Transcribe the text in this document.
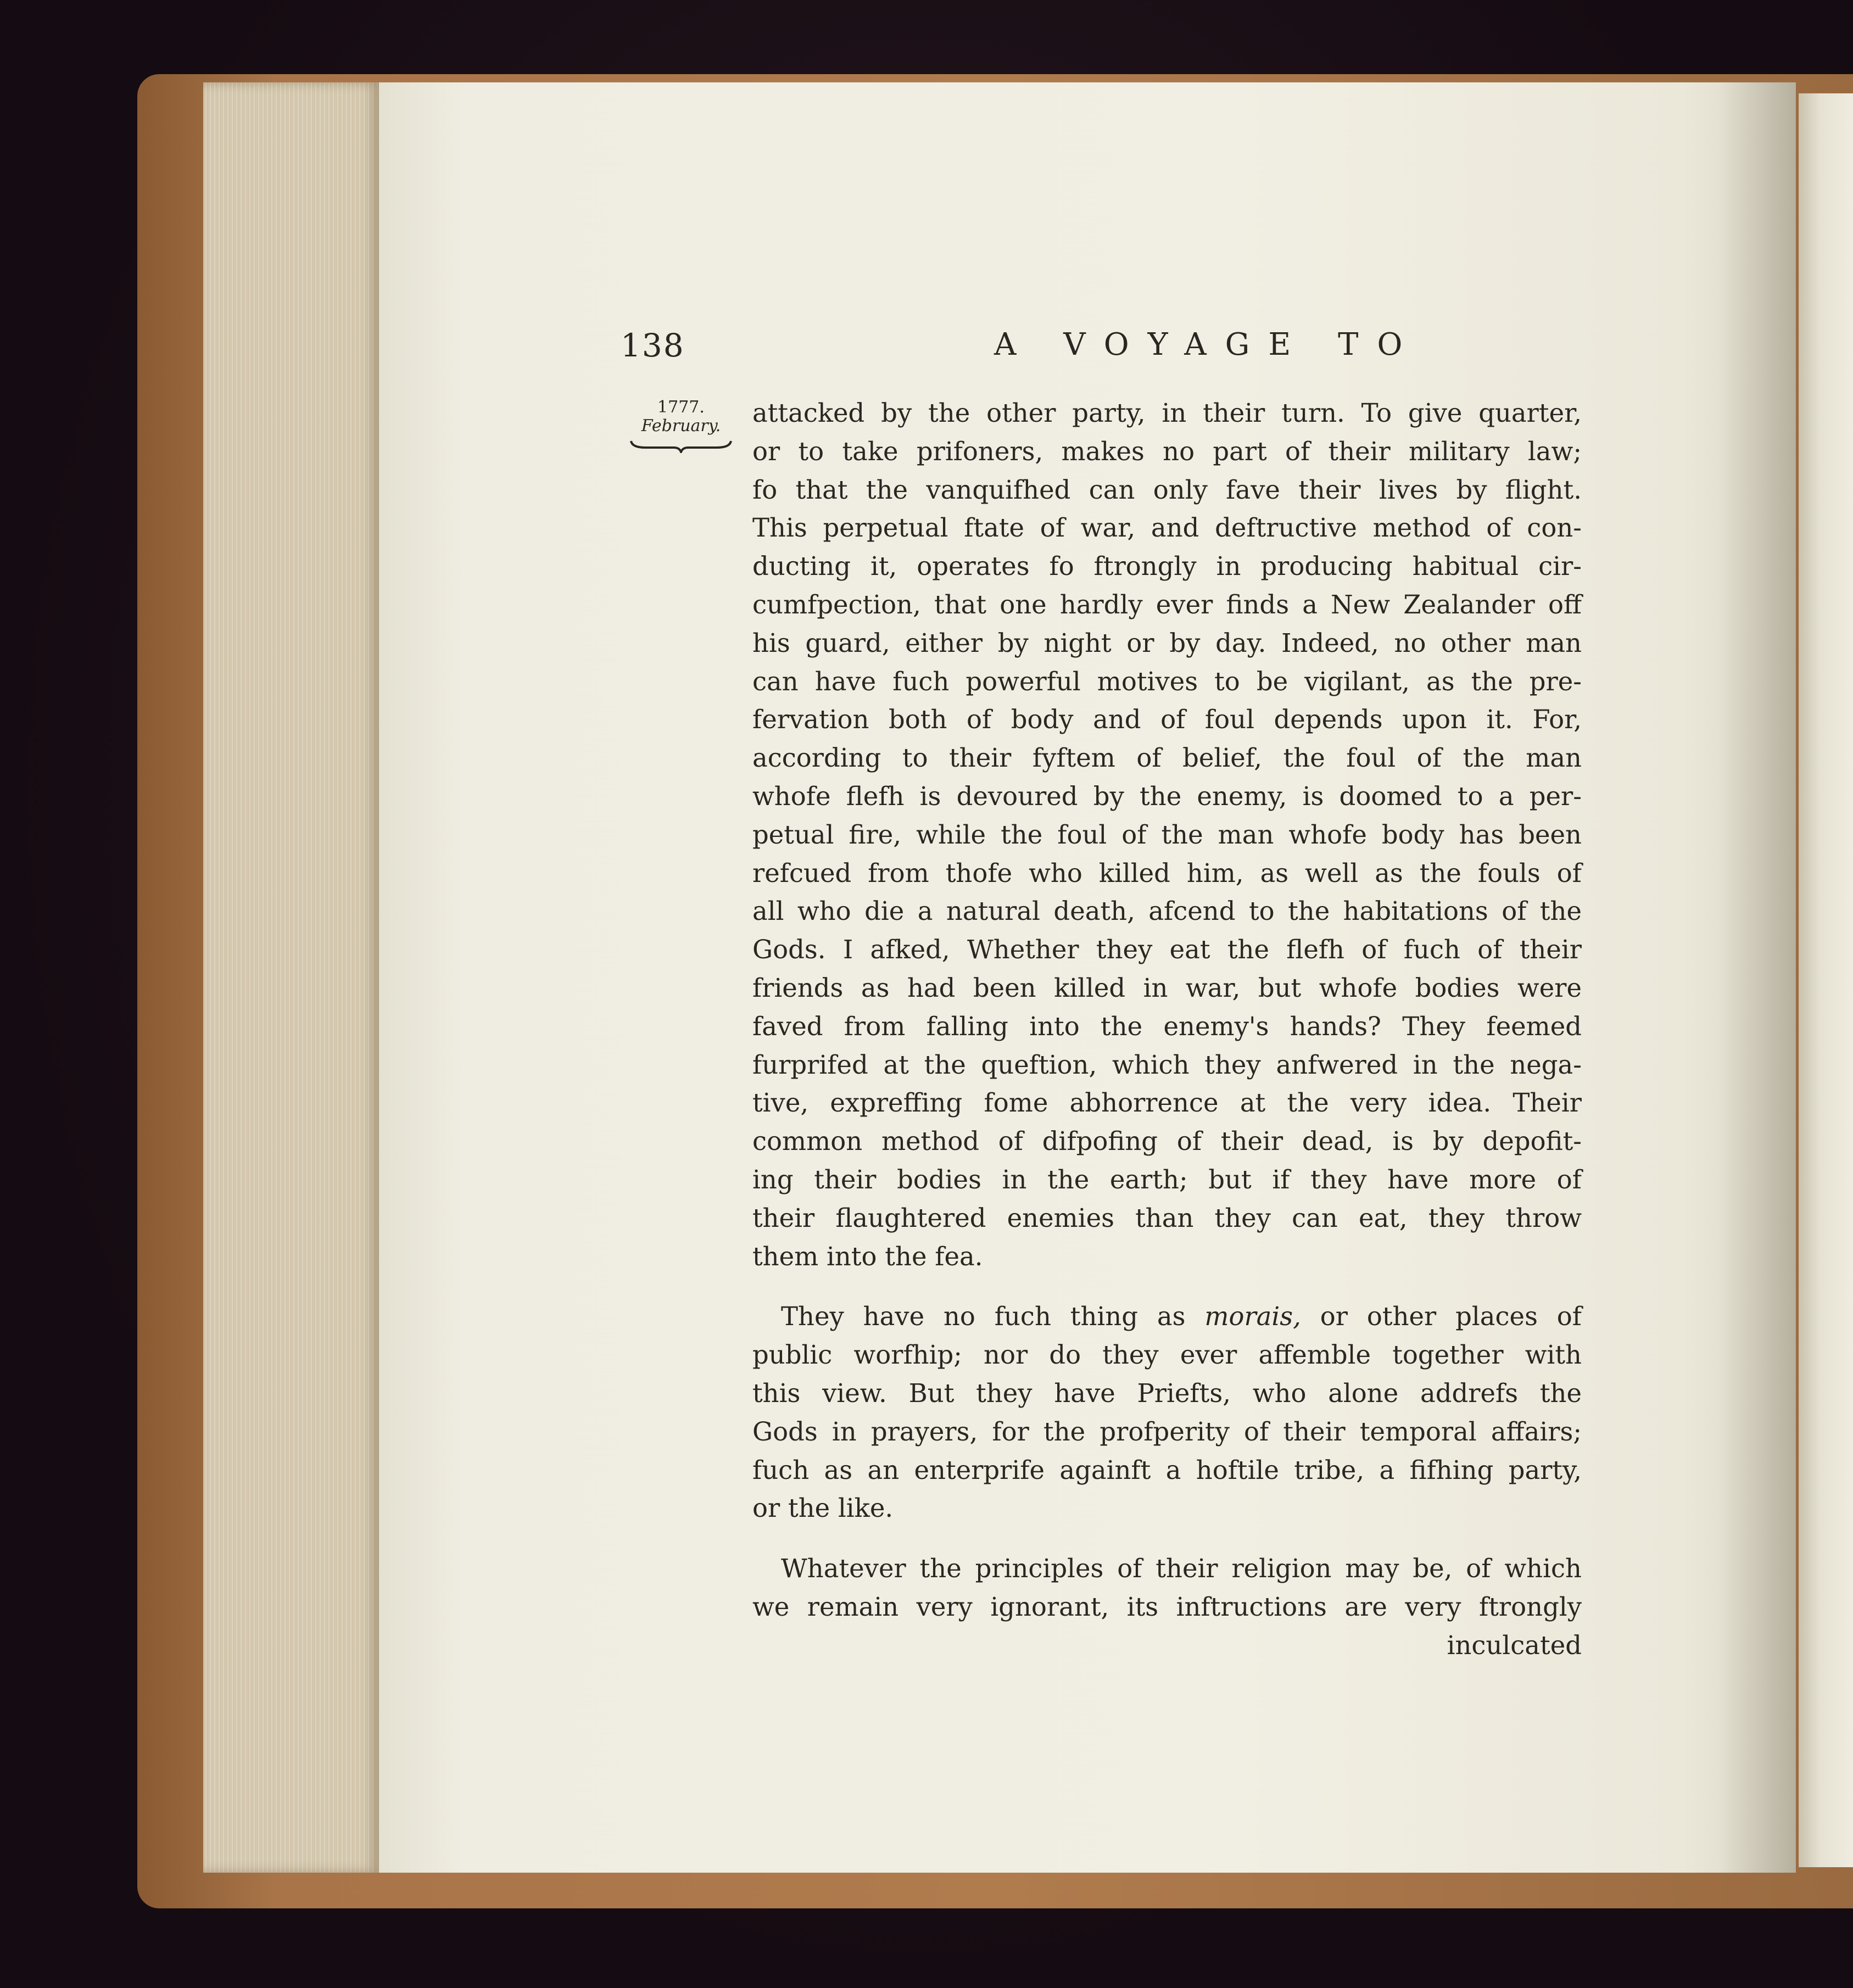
138	A VOYAGE TO
1777.
February.	attacked by the other party, in their turn. To give quarter,
or to take prifoners, makes no part of their military law;
fo that the vanquifhed can only fave their lives by flight.
This perpetual ftate of war, and deftructive method of con-
ducting it, operates fo ftrongly in producing habitual cir-
cumfpection, that one hardly ever finds a New Zealander off
his guard, either by night or by day. Indeed, no other man
can have fuch powerful motives to be vigilant, as the pre-
fervation both of body and of foul depends upon it. For,
according to their fyftem of belief, the foul of the man
whofe flefh is devoured by the enemy, is doomed to a per-
petual fire, while the foul of the man whofe body has been
refcued from thofe who killed him, as well as the fouls of
all who die a natural death, afcend to the habitations of the
Gods. I afked, Whether they eat the flefh of fuch of their
friends as had been killed in war, but whofe bodies were
faved from falling into the enemy's hands? They feemed
furprifed at the queftion, which they anfwered in the nega-
tive, expreffing fome abhorrence at the very idea. Their
common method of difpofing of their dead, is by depofit-
ing their bodies in the earth; but if they have more of
their flaughtered enemies than they can eat, they throw
them into the fea.
They have no fuch thing as morais, or other places of
public worfhip; nor do they ever affemble together with
this view. But they have Priefts, who alone addrefs the
Gods in prayers, for the profperity of their temporal affairs;
fuch as an enterprife againft a hoftile tribe, a fifhing party,
or the like.
Whatever the principles of their religion may be, of which
we remain very ignorant, its inftructions are very ftrongly
inculcated
